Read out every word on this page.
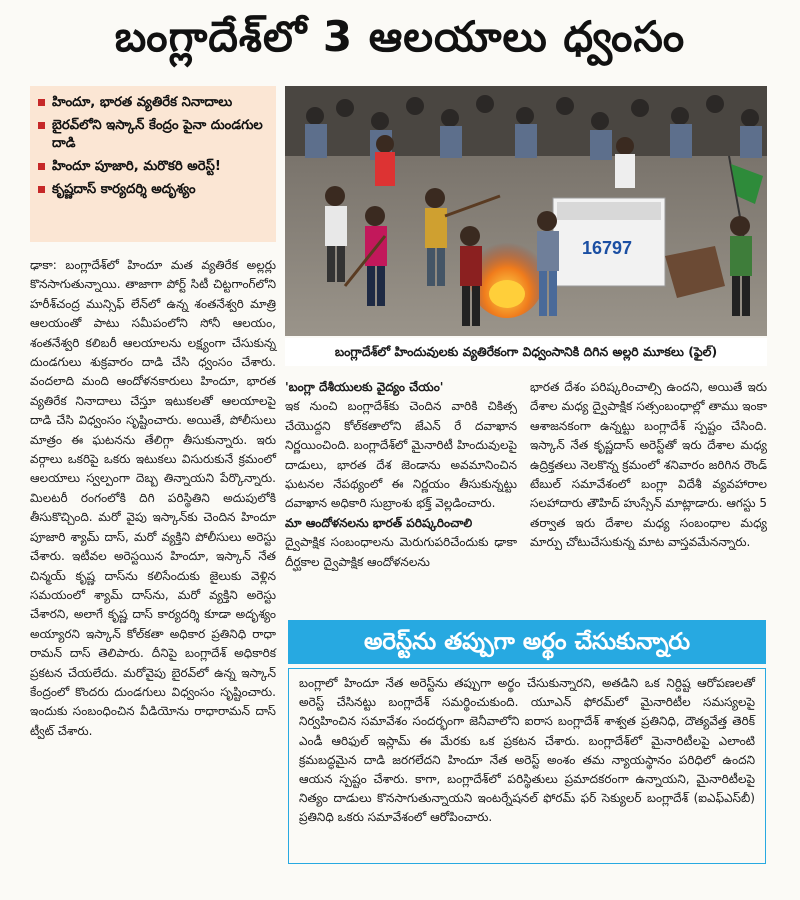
బంగ్లాదేశ్‌లో 3 ఆలయాలు ధ్వంసం
హిందూ, భారత వ్యతిరేక నినాదాలు
బైరవ్‌లోని ఇస్కాన్ కేంద్రం పైనా దుండగుల దాడి
హిందూ పూజారి, మరొకరి అరెస్ట్!
కృష్ణదాస్ కార్యదర్శి అదృశ్యం
16797
బంగ్లాదేశ్‌లో హిందువులకు వ్యతిరేకంగా విధ్వంసానికి దిగిన అల్లరి మూకలు (ఫైల్)
ఢాకా: బంగ్లాదేశ్‌లో హిందూ మత వ్యతిరేక అల్లర్లు కొనసాగుతున్నాయి. తాజాగా పోర్ట్ సిటీ చిట్టగాంగ్‌లోని హరీశ్‌చంద్ర మున్సిఫ్ లేన్‌లో ఉన్న శంతనేశ్వరి మాత్రి ఆలయంతో పాటు సమీపంలోని సోనీ ఆలయం, శంతనేశ్వరి కలిబరీ ఆలయాలను లక్ష్యంగా చేసుకున్న దుండగులు శుక్రవారం దాడి చేసి ధ్వంసం చేశారు. వందలాది మంది ఆందోళనకారులు హిందూ, భారత వ్యతిరేక నినాదాలు చేస్తూ ఇటుకలతో ఆలయాలపై దాడి చేసి విధ్వంసం సృష్టించారు. అయితే, పోలీసులు మాత్రం ఈ ఘటనను తేలిగ్గా తీసుకున్నారు. ఇరు వర్గాలు ఒకరిపై ఒకరు ఇటుకలు విసురుకునే క్రమంలో ఆలయాలు స్వల్పంగా దెబ్బ తిన్నాయని పేర్కొన్నారు. మిలటరీ రంగంలోకి దిగి పరిస్థితిని అదుపులోకి తీసుకొచ్చింది. మరో వైపు ఇస్కాన్‌కు చెందిన హిందూ పూజారి శ్యామ్ దాస్, మరో వ్యక్తిని పోలీసులు అరెస్టు చేశారు. ఇటీవల అరెస్టయిన హిందూ, ఇస్కాన్ నేత చిన్మయ్ కృష్ణ దాస్‌ను కలిసేందుకు జైలుకు వెళ్లిన సమయంలో శ్యామ్ దాస్‌ను, మరో వ్యక్తిని అరెస్టు చేశారని, అలాగే కృష్ణ దాస్ కార్యదర్శి కూడా అదృశ్యం అయ్యారని ఇస్కాన్ కోల్‌కతా అధికార ప్రతినిధి రాధా రామన్ దాస్ తెలిపారు. దీనిపై బంగ్లాదేశ్ అధికారిక ప్రకటన చేయలేదు. మరోవైపు బైరవ్‌లో ఉన్న ఇస్కాన్ కేంద్రంలో కొందరు దుండగులు విధ్వంసం సృష్టించారు. ఇందుకు సంబంధించిన వీడియోను రాధారామన్ దాస్ ట్వీట్ చేశారు.
'బంగ్లా దేశీయులకు వైద్యం చేయం'
ఇక నుంచి బంగ్లాదేశ్‌కు చెందిన వారికి చికిత్స చేయొద్దని కోల్‌కతాలోని జేఎన్ రే దవాఖాన నిర్ణయించింది. బంగ్లాదేశ్‌లో మైనారిటీ హిందువులపై దాడులు, భారత దేశ జెండాను అవమానించిన ఘటనల నేపథ్యంలో ఈ నిర్ణయం తీసుకున్నట్టు దవాఖాన అధికారి సుబ్రాంశు భక్త్ వెల్లడించారు.
మా ఆందోళనలను భారత్ పరిష్కరించాలి
ద్వైపాక్షిక సంబంధాలను మెరుగుపరిచేందుకు ఢాకా దీర్ఘకాల ద్వైపాక్షిక ఆందోళనలను
భారత దేశం పరిష్కరించాల్సి ఉందని, అయితే ఇరు దేశాల మధ్య ద్వైపాక్షిక సత్సంబంధాల్లో తాము ఇంకా ఆశాజనకంగా ఉన్నట్టు బంగ్లాదేశ్ స్పష్టం చేసింది. ఇస్కాన్ నేత కృష్ణదాస్ అరెస్ట్‌తో ఇరు దేశాల మధ్య ఉద్రిక్తతలు నెలకొన్న క్రమంలో శనివారం జరిగిన రౌండ్ టేబుల్ సమావేశంలో బంగ్లా విదేశీ వ్యవహారాల సలహాదారు తౌహిద్ హుస్సేన్ మాట్లాడారు. ఆగస్టు 5 తర్వాత ఇరు దేశాల మధ్య సంబంధాల మధ్య మార్పు చోటుచేసుకున్న మాట వాస్తవమేనన్నారు.
అరెస్ట్‌ను తప్పుగా అర్థం చేసుకున్నారు
బంగ్లాలో హిందూ నేత అరెస్ట్‌ను తప్పుగా అర్థం చేసుకున్నారని, అతడిని ఒక నిర్దిష్ట ఆరోపణలతో అరెస్ట్ చేసినట్టు బంగ్లాదేశ్ సమర్థించుకుంది. యూఎన్ ఫోరమ్‌లో మైనారిటీల సమస్యలపై నిర్వహించిన సమావేశం సందర్భంగా జెనీవాలోని ఐరాస బంగ్లాదేశ్ శాశ్వత ప్రతినిధి, దౌత్యవేత్త తెరిక్ ఎండీ ఆరిఫుల్ ఇస్లామ్ ఈ మేరకు ఒక ప్రకటన చేశారు. బంగ్లాదేశ్‌లో మైనారిటీలపై ఎలాంటి క్రమబద్ధమైన దాడి జరగలేదని హిందూ నేత అరెస్ట్ అంశం తమ న్యాయస్థానం పరిధిలో ఉందని ఆయన స్పష్టం చేశారు. కాగా, బంగ్లాదేశ్‌లో పరిస్థితులు ప్రమాదకరంగా ఉన్నాయని, మైనారిటీలపై నిత్యం దాడులు కొనసాగుతున్నాయని ఇంటర్నేషనల్ ఫోరమ్ ఫర్ సెక్యులర్ బంగ్లాదేశ్ (ఐఎఫ్‌ఎస్‌బీ) ప్రతినిధి ఒకరు సమావేశంలో ఆరోపించారు.
